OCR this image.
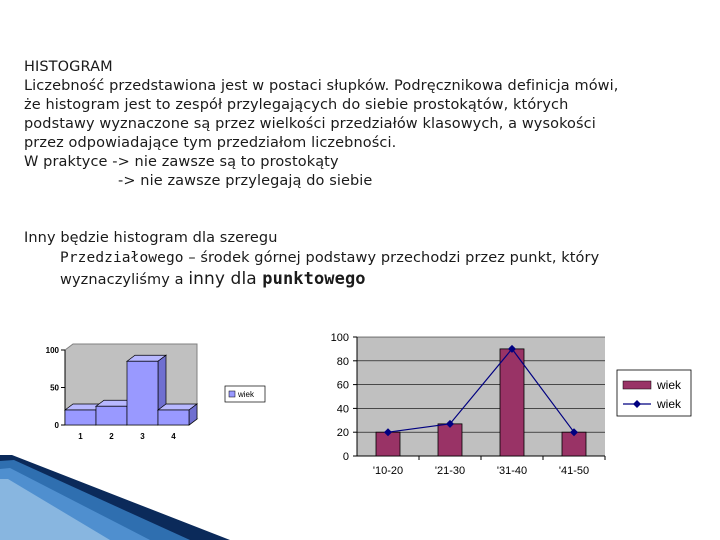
HISTOGRAM
Liczebność przedstawiona jest w postaci słupków. Podręcznikowa definicja mówi,
że histogram jest to zespół przylegających do siebie prostokątów, których
podstawy wyznaczone są przez wielkości przedziałów klasowych, a wysokości
przez odpowiadające tym przedziałom liczebności.
W praktyce -> nie zawsze są to prostokąty
-> nie zawsze przylegają do siebie
Inny będzie histogram dla szeregu
Przedziałowego – środek górnej podstawy przechodzi przez punkt, który
wyznaczyliśmy a inny dla punktowego
0
50
100
1	2	3	4
wiek
0
20
40
60
80
100
'10-20	'21-30	'31-40	'41-50
wiek
wiek
